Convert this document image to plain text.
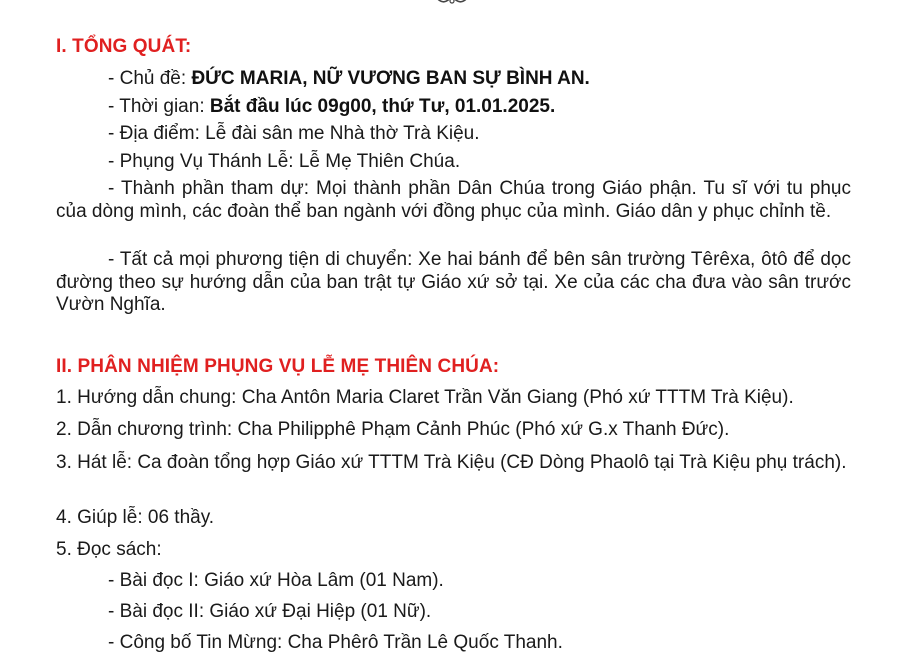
I. TỔNG QUÁT:
- Chủ đề: ĐỨC MARIA, NỮ VƯƠNG BAN SỰ BÌNH AN.
- Thời gian: Bắt đầu lúc 09g00, thứ Tư, 01.01.2025.
- Địa điểm: Lễ đài sân me Nhà thờ Trà Kiệu.
- Phụng Vụ Thánh Lễ: Lễ Mẹ Thiên Chúa.
- Thành phần tham dự: Mọi thành phần Dân Chúa trong Giáo phận. Tu sĩ với tu phục của dòng mình, các đoàn thể ban ngành với đồng phục của mình. Giáo dân y phục chỉnh tề.
- Tất cả mọi phương tiện di chuyển: Xe hai bánh để bên sân trường Têrêxa, ôtô để dọc đường theo sự hướng dẫn của ban trật tự Giáo xứ sở tại. Xe của các cha đưa vào sân trước Vườn Nghĩa.
II. PHÂN NHIỆM PHỤNG VỤ LỄ MẸ THIÊN CHÚA:
1. Hướng dẫn chung: Cha Antôn Maria Claret Trần Văn Giang (Phó xứ TTTM Trà Kiệu).
2. Dẫn chương trình: Cha Philipphê Phạm Cảnh Phúc (Phó xứ G.x Thanh Đức).
3. Hát lễ: Ca đoàn tổng hợp Giáo xứ TTTM Trà Kiệu (CĐ Dòng Phaolô tại Trà Kiệu phụ trách).
4. Giúp lễ: 06 thầy.
5. Đọc sách:
- Bài đọc I: Giáo xứ Hòa Lâm (01 Nam).
- Bài đọc II: Giáo xứ Đại Hiệp (01 Nữ).
- Công bố Tin Mừng: Cha Phêrô Trần Lê Quốc Thanh.
